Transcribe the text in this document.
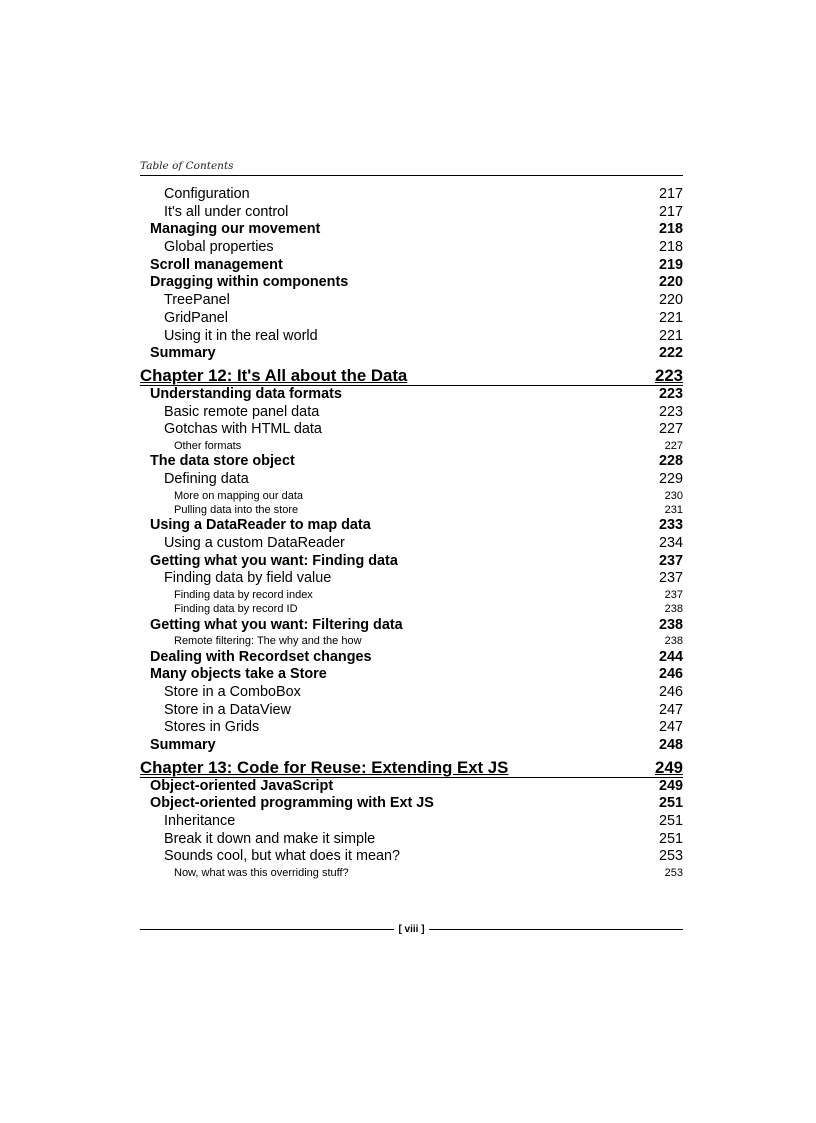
Table of Contents
Configuration	217
It's all under control	217
Managing our movement	218
Global properties	218
Scroll management	219
Dragging within components	220
TreePanel	220
GridPanel	221
Using it in the real world	221
Summary	222
Chapter 12: It's All about the Data	223
Understanding data formats	223
Basic remote panel data	223
Gotchas with HTML data	227
Other formats	227
The data store object	228
Defining data	229
More on mapping our data	230
Pulling data into the store	231
Using a DataReader to map data	233
Using a custom DataReader	234
Getting what you want: Finding data	237
Finding data by field value	237
Finding data by record index	237
Finding data by record ID	238
Getting what you want: Filtering data	238
Remote filtering: The why and the how	238
Dealing with Recordset changes	244
Many objects take a Store	246
Store in a ComboBox	246
Store in a DataView	247
Stores in Grids	247
Summary	248
Chapter 13: Code for Reuse: Extending Ext JS	249
Object-oriented JavaScript	249
Object-oriented programming with Ext JS	251
Inheritance	251
Break it down and make it simple	251
Sounds cool, but what does it mean?	253
Now, what was this overriding stuff?	253
[ viii ]
